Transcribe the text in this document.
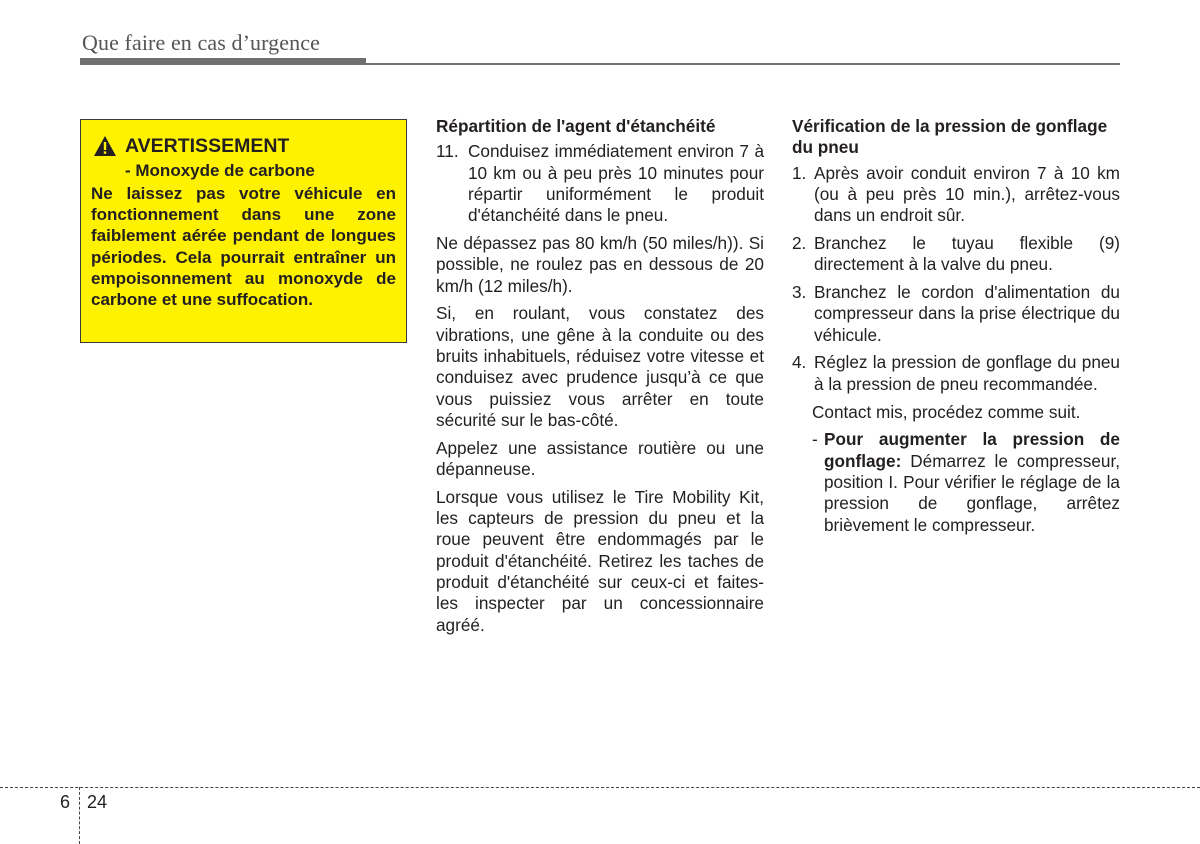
Que faire en cas d’urgence
AVERTISSEMENT
- Monoxyde de carbone
Ne laissez pas votre véhicule en fonctionnement dans une zone faiblement aérée pendant de longues périodes. Cela pourrait entraîner un empoisonnement au monoxyde de carbone et une suffocation.
Répartition de l'agent d'étanchéité
11. Conduisez immédiatement environ 7 à 10 km ou à peu près 10 minutes pour répartir uniformément le produit d'étanchéité dans le pneu.

Ne dépassez pas 80 km/h (50 miles/h)). Si possible, ne roulez pas en dessous de 20 km/h (12 miles/h).

Si, en roulant, vous constatez des vibrations, une gêne à la conduite ou des bruits inhabituels, réduisez votre vitesse et conduisez avec prudence jusqu’à ce que vous puissiez vous arrêter en toute sécurité sur le bas-côté.

Appelez une assistance routière ou une dépanneuse.

Lorsque vous utilisez le Tire Mobility Kit, les capteurs de pression du pneu et la roue peuvent être endommagés par le produit d'étanchéité. Retirez les taches de produit d'étanchéité sur ceux-ci et faites-les inspecter par un concessionnaire agréé.

Vérification de la pression de gonflage du pneu
1. Après avoir conduit environ 7 à 10 km (ou à peu près 10 min.), arrêtez-vous dans un endroit sûr.
2. Branchez le tuyau flexible (9) directement à la valve du pneu.
3. Branchez le cordon d'alimentation du compresseur dans la prise électrique du véhicule.
4. Réglez la pression de gonflage du pneu à la pression de pneu recommandée.

Contact mis, procédez comme suit.

- Pour augmenter la pression de gonflage: Démarrez le compresseur, position I. Pour vérifier le réglage de la pression de gonflage, arrêtez brièvement le compresseur.
6 24
